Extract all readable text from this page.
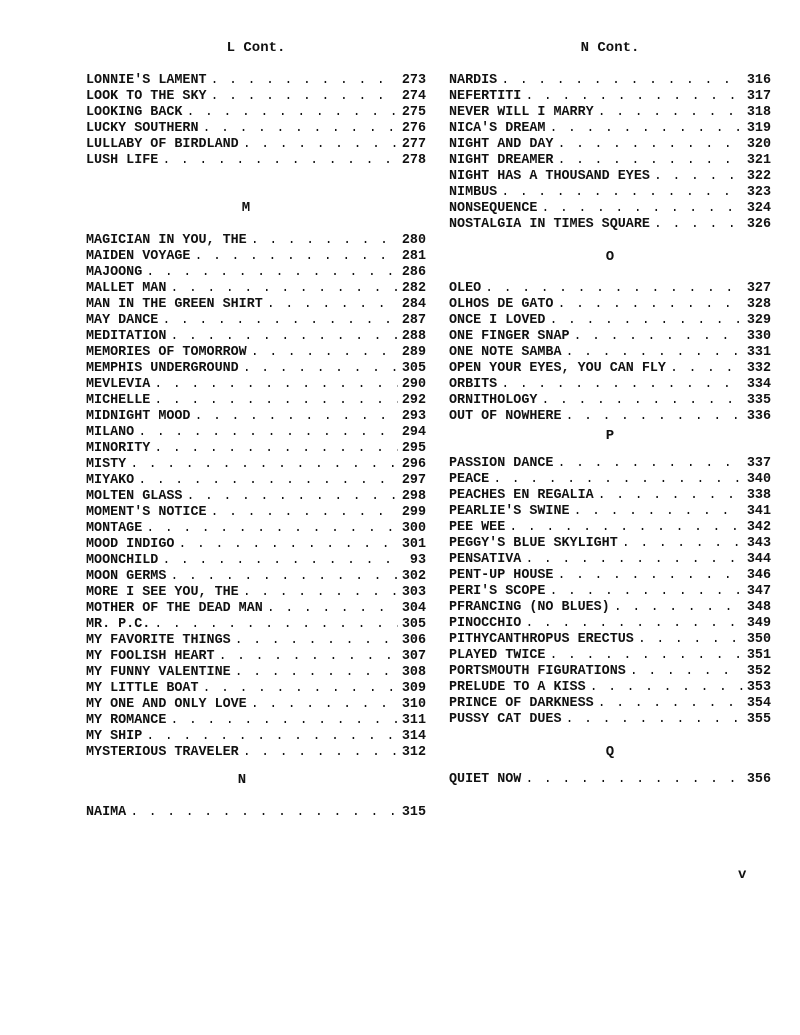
L Cont.
LONNIE'S LAMENT . . .	273
LOOK TO THE SKY . . .	274
LOOKING BACK . . .	275
LUCKY SOUTHERN . . .	276
LULLABY OF BIRDLAND . . .	277
LUSH LIFE . . .	278
M
MAGICIAN IN YOU, THE . . .	280
MAIDEN VOYAGE . . .	281
MAJOONG . . .	286
MALLET MAN . . .	282
MAN IN THE GREEN SHIRT . . .	284
MAY DANCE . . .	287
MEDITATION . . .	288
MEMORIES OF TOMORROW . . .	289
MEMPHIS UNDERGROUND . . .	305
MEVLEVIA . . .	290
MICHELLE . . .	292
MIDNIGHT MOOD . . .	293
MILANO . . .	294
MINORITY . . .	295
MISTY . . .	296
MIYAKO . . .	297
MOLTEN GLASS . . .	298
MOMENT'S NOTICE . . .	299
MONTAGE . . .	300
MOOD INDIGO . . .	301
MOONCHILD . . .	93
MOON GERMS . . .	302
MORE I SEE YOU, THE . . .	303
MOTHER OF THE DEAD MAN . . .	304
MR. P.C. . . .	305
MY FAVORITE THINGS . . .	306
MY FOOLISH HEART . . .	307
MY FUNNY VALENTINE . . .	308
MY LITTLE BOAT . . .	309
MY ONE AND ONLY LOVE . . .	310
MY ROMANCE . . .	311
MY SHIP . . .	314
MYSTERIOUS TRAVELER . . .	312
N
NAIMA . . .	315
N Cont.
NARDIS . . .	316
NEFERTITI . . .	317
NEVER WILL I MARRY . . .	318
NICA'S DREAM . . .	319
NIGHT AND DAY . . .	320
NIGHT DREAMER . . .	321
NIGHT HAS A THOUSAND EYES . . .	322
NIMBUS . . .	323
NONSEQUENCE . . .	324
NOSTALGIA IN TIMES SQUARE . . .	326
O
OLEO . . .	327
OLHOS DE GATO . . .	328
ONCE I LOVED . . .	329
ONE FINGER SNAP . . .	330
ONE NOTE SAMBA . . .	331
OPEN YOUR EYES, YOU CAN FLY . . .	332
ORBITS . . .	334
ORNITHOLOGY . . .	335
OUT OF NOWHERE . . .	336
P
PASSION DANCE . . .	337
PEACE . . .	340
PEACHES EN REGALIA . . .	338
PEARLIE'S SWINE . . .	341
PEE WEE . . .	342
PEGGY'S BLUE SKYLIGHT . . .	343
PENSATIVA . . .	344
PENT-UP HOUSE . . .	346
PERI'S SCOPE . . .	347
PFRANCING (NO BLUES) . . .	348
PINOCCHIO . . .	349
PITHYCANTHROPUS ERECTUS . . .	350
PLAYED TWICE . . .	351
PORTSMOUTH FIGURATIONS . . .	352
PRELUDE TO A KISS . . .	353
PRINCE OF DARKNESS . . .	354
PUSSY CAT DUES . . .	355
Q
QUIET NOW . . .	356
v
